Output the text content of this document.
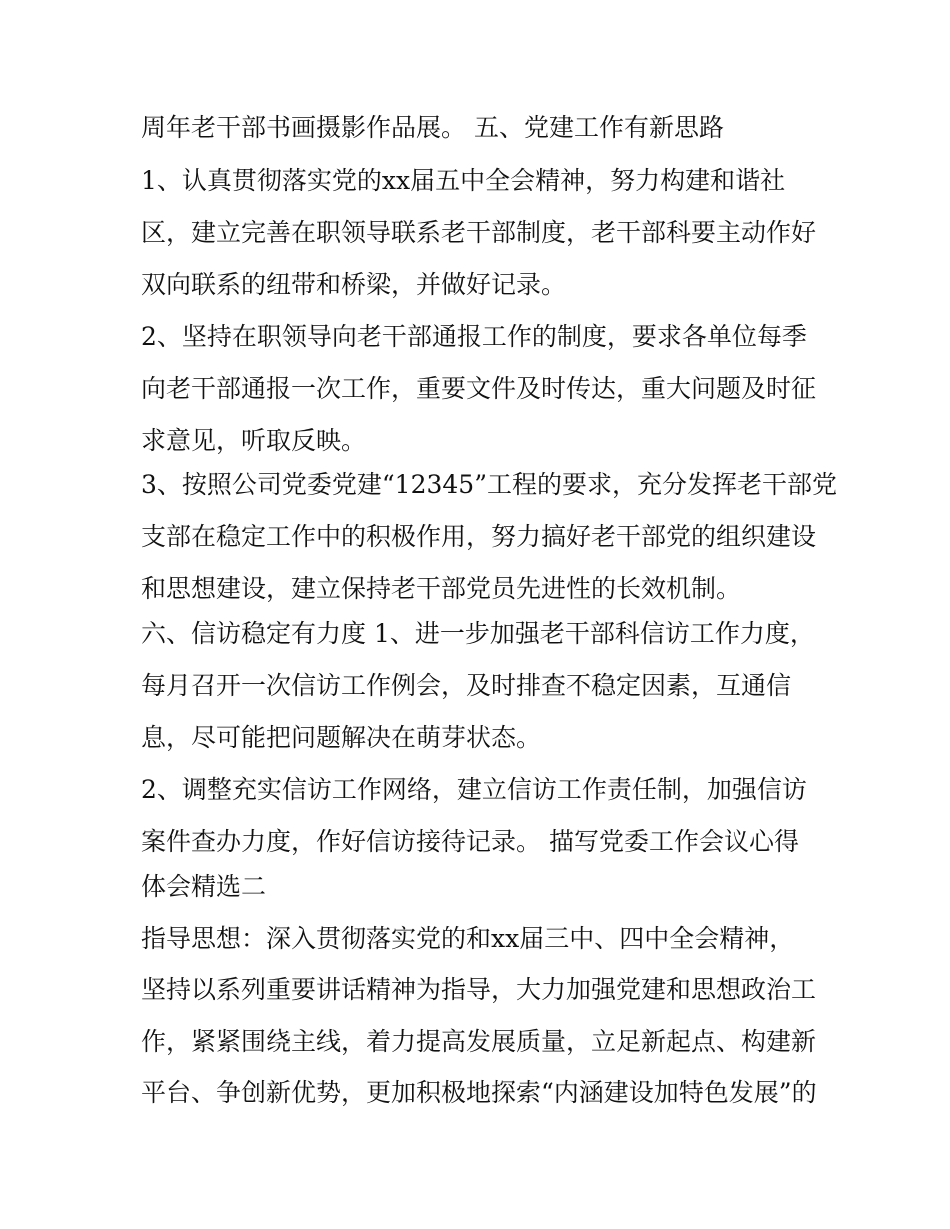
周年老干部书画摄影作品展。 五、党建工作有新思路
1、认真贯彻落实党的xx届五中全会精神，努力构建和谐社
区，建立完善在职领导联系老干部制度，老干部科要主动作好
双向联系的纽带和桥梁，并做好记录。
2、坚持在职领导向老干部通报工作的制度，要求各单位每季
向老干部通报一次工作，重要文件及时传达，重大问题及时征
求意见，听取反映。
3、按照公司党委党建“12345”工程的要求，充分发挥老干部党
支部在稳定工作中的积极作用，努力搞好老干部党的组织建设
和思想建设，建立保持老干部党员先进性的长效机制。
六、信访稳定有力度 1、进一步加强老干部科信访工作力度，
每月召开一次信访工作例会，及时排查不稳定因素，互通信
息，尽可能把问题解决在萌芽状态。
2、调整充实信访工作网络，建立信访工作责任制，加强信访
案件查办力度，作好信访接待记录。 描写党委工作会议心得
体会精选二
指导思想：深入贯彻落实党的和xx届三中、四中全会精神，
坚持以系列重要讲话精神为指导，大力加强党建和思想政治工
作，紧紧围绕主线，着力提高发展质量，立足新起点、构建新
平台、争创新优势，更加积极地探索“内涵建设加特色发展”的
